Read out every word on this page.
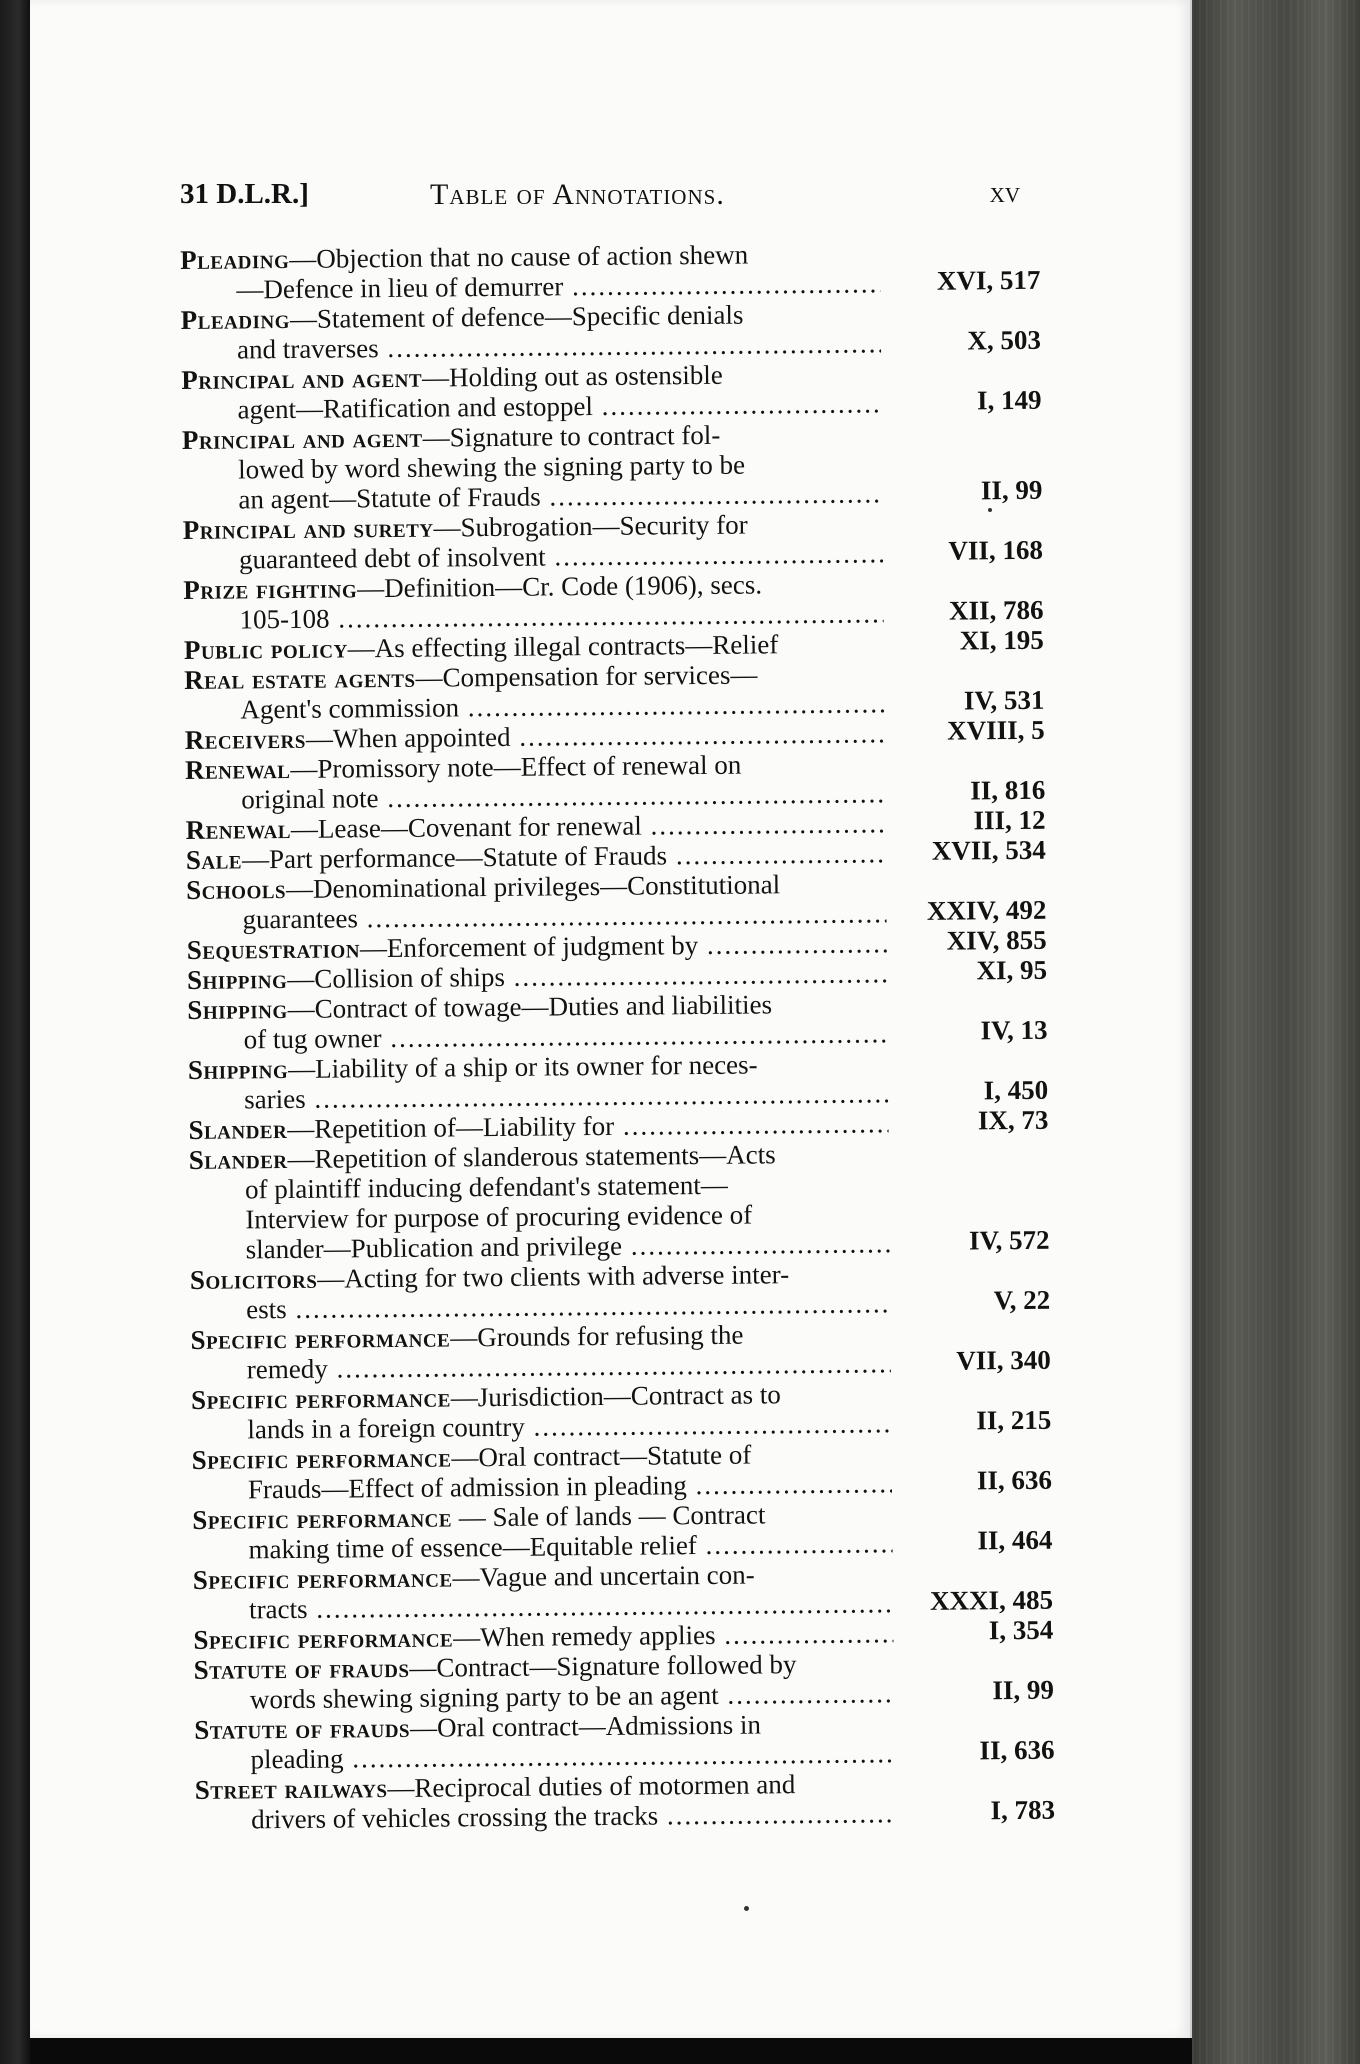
31 D.L.R.]	Table of Annotations.	xv
Pleading—Objection that no cause of action shewn
—Defence in lieu of demurrer .....	XVI, 517
Pleading—Statement of defence—Specific denials
and traverses .....	X, 503
Principal and agent—Holding out as ostensible
agent—Ratification and estoppel .....	I, 149
Principal and agent—Signature to contract fol-
lowed by word shewing the signing party to be
an agent—Statute of Frauds .....	II, 99
Principal and surety—Subrogation—Security for
guaranteed debt of insolvent .....	VII, 168
Prize fighting—Definition—Cr. Code (1906), secs.
105-108 .....	XII, 786
Public policy—As effecting illegal contracts—Relief	XI, 195
Real estate agents—Compensation for services—
Agent's commission .....	IV, 531
Receivers—When appointed .....	XVIII, 5
Renewal—Promissory note—Effect of renewal on
original note .....	II, 816
Renewal—Lease—Covenant for renewal .....	III, 12
Sale—Part performance—Statute of Frauds .....	XVII, 534
Schools—Denominational privileges—Constitutional
guarantees .....	XXIV, 492
Sequestration—Enforcement of judgment by .....	XIV, 855
Shipping—Collision of ships .....	XI, 95
Shipping—Contract of towage—Duties and liabilities
of tug owner .....	IV, 13
Shipping—Liability of a ship or its owner for neces-
saries .....	I, 450
Slander—Repetition of—Liability for .....	IX, 73
Slander—Repetition of slanderous statements—Acts
of plaintiff inducing defendant's statement—
Interview for purpose of procuring evidence of
slander—Publication and privilege .....	IV, 572
Solicitors—Acting for two clients with adverse inter-
ests .....	V, 22
Specific performance—Grounds for refusing the
remedy .....	VII, 340
Specific performance—Jurisdiction—Contract as to
lands in a foreign country .....	II, 215
Specific performance—Oral contract—Statute of
Frauds—Effect of admission in pleading .....	II, 636
Specific performance — Sale of lands — Contract
making time of essence—Equitable relief .....	II, 464
Specific performance—Vague and uncertain con-
tracts .....	XXXI, 485
Specific performance—When remedy applies .....	I, 354
Statute of frauds—Contract—Signature followed by
words shewing signing party to be an agent .....	II, 99
Statute of frauds—Oral contract—Admissions in
pleading .....	II, 636
Street railways—Reciprocal duties of motormen and
drivers of vehicles crossing the tracks .....	I, 783
